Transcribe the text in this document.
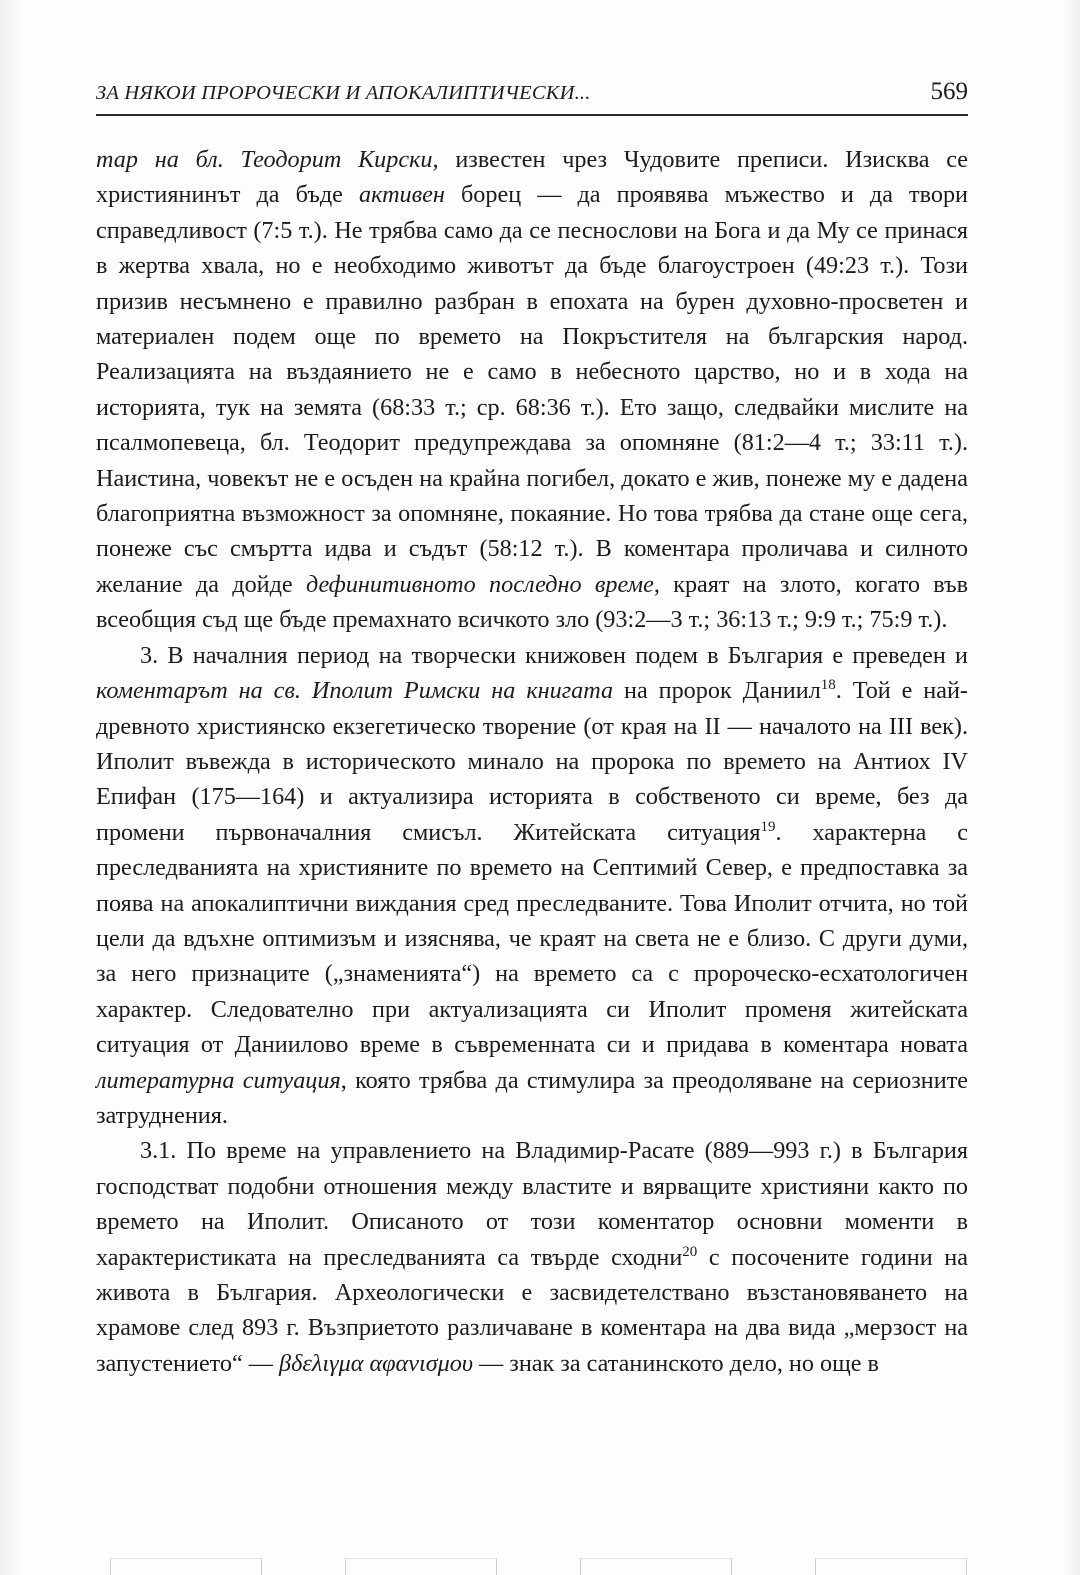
ЗА НЯКОИ ПРОРОЧЕСКИ И АПОКАЛИПТИЧЕСКИ...	569

тар на бл. Теодорит Кирски, известен чрез Чудовите преписи. Изисква се християнинът да бъде активен борец — да проявява мъжество и да твори справедливост (7:5 т.). Не трябва само да се песнослови на Бога и да Му се принася в жертва хвала, но е необходимо животът да бъде благоустроен (49:23 т.). Този призив несъмнено е правилно разбран в епохата на бурен духовно-просветен и материален подем още по времето на Покръстителя на българския народ. Реализацията на въздаянието не е само в небесното царство, но и в хода на историята, тук на земята (68:33 т.; ср. 68:36 т.). Ето защо, следвайки мислите на псалмопевеца, бл. Теодорит предупреждава за опомняне (81:2—4 т.; 33:11 т.). Наистина, човекът не е осъден на крайна погибел, докато е жив, понеже му е дадена благоприятна възможност за опомняне, покаяние. Но това трябва да стане още сега, понеже със смъртта идва и съдът (58:12 т.). В коментара проличава и силното желание да дойде дефинитивното последно време, краят на злото, когато във всеобщия съд ще бъде премахнато всичкото зло (93:2—3 т.; 36:13 т.; 9:9 т.; 75:9 т.).

3. В началния период на творчески книжовен подем в България е преведен и коментарът на св. Иполит Римски на книгата на пророк Даниил$^{18}$. Той е най-древното християнско екзегетическо творение (от края на II — началото на III век). Иполит въвежда в историческото минало на пророка по времето на Антиох IV Епифан (175—164) и актуализира историята в собственото си време, без да промени първоначалния смисъл. Житейската ситуация$^{19}$. характерна с преследванията на християните по времето на Септимий Север, е предпоставка за поява на апокалиптични виждания сред преследваните. Това Иполит отчита, но той цели да вдъхне оптимизъм и изяснява, че краят на света не е близо. С други думи, за него признаците („знаменията“) на времето са с пророческо-есхатологичен характер. Следователно при актуализацията си Иполит променя житейската ситуация от Данииловo време в съвременната си и придава в коментара новата литературна ситуация, която трябва да стимулира за преодоляване на сериозните затруднения.

3.1. По време на управлението на Владимир-Расате (889—993 г.) в България господстват подобни отношения между властите и вярващите християни както по времето на Иполит. Описаното от този коментатор основни моменти в характеристиката на преследванията са твърде сходни$^{20}$ с посочените години на живота в България. Археологически е засвидетелствано възстановяването на храмове след 893 г. Възприетото различаване в коментара на два вида „мерзост на запустението“ — βδελιγμα αφανισμου — знак за сатанинското дело, но още в
